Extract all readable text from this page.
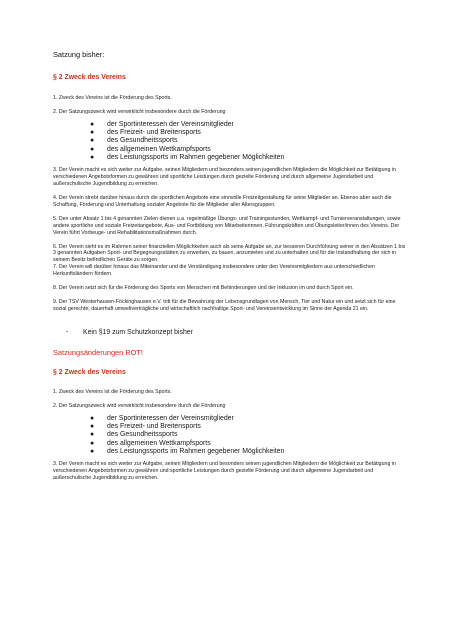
Satzung bisher:

§ 2 Zweck des Vereins

1. Zweck des Vereins ist die Förderung des Sports.

2. Der Satzungszweck wird verwirklicht insbesondere durch die Förderung

● der Sportinteressen der Vereinsmitglieder
● des Freizeit- und Breitensports
● des Gesundheitssports
● des allgemeinen Wettkampfsports
● des Leistungssports im Rahmen gegebener Möglichkeiten

3. Der Verein macht es sich weiter zur Aufgabe, seinen Mitgliedern und besonders seinen jugendlichen Mitgliedern die Möglichkeit zur Betätigung in verschiedenen Angebotsformen zu gewähren und sportliche Leistungen durch gezielte Förderung und durch allgemeine Jugendarbeit und außerschulische Jugendbildung zu erreichen.

4. Der Verein strebt darüber hinaus durch die sportlichen Angebote eine sinnvolle Freizeitgestaltung für seine Mitglieder an. Ebenso aber auch die Schaffung, Förderung und Unterhaltung sozialer Angebote für die Mitglieder aller Altersgruppen.

5. Den unter Absatz 1 bis 4 genannten Zielen dienen u.a. regelmäßige Übungs- und Trainingsstunden, Wettkampf- und Turnierveranstaltungen, sowie andere sportliche und soziale Freizeitangebote, Aus- und Fortbildung von Mitarbeiterinnen, Führungskräften und Übungsleiter/innen des Vereins. Der Verein führt Vorbeuge- und Rehabilitationsmaßnahmen durch.

6. Der Verein sieht es im Rahmen seiner finanziellen Möglichkeiten auch als seine Aufgabe an, zur besseren Durchführung seiner in den Absätzen 1 bis 3 genannten Aufgaben Sport- und Begegnungsstätten zu erwerben, zu bauen, anzumieten und zu unterhalten und für die Instandhaltung der sich in seinem Besitz befindlichen Geräte zu sorgen.

7. Der Verein will darüber hinaus das Miteinander und die Verständigung insbesondere unter den Vereinsmitgliedern aus unterschiedlichen Herkunftsländern fördern.

8. Der Verein setzt sich für die Förderung des Sports von Menschen mit Behinderungen und der Inklusion im und durch Sport ein.

9. Der TSV Westerhausen-Föckinghausen e.V. tritt für die Bewahrung der Lebensgrundlagen von Mensch, Tier und Natur ein und setzt sich für eine sozial gerechte, dauerhaft umweltverträgliche und wirtschaftlich nachhaltige Sport- und Vereinsentwicklung im Sinne der Agenda 21 ein.

- Kein §19 zum Schutzkonzept bisher

Satzungsänderungen ROT!

§ 2 Zweck des Vereins

1. Zweck des Vereins ist die Förderung des Sports.

2. Der Satzungszweck wird verwirklicht insbesondere durch die Förderung

● der Sportinteressen der Vereinsmitglieder
● des Freizeit- und Breitensports
● des Gesundheitssports
● des allgemeinen Wettkampfsports
● des Leistungssports im Rahmen gegebener Möglichkeiten

3. Der Verein macht es sich weiter zur Aufgabe, seinen Mitgliedern und besonders seinen jugendlichen Mitgliedern die Möglichkeit zur Betätigung in verschiedenen Angebotsformen zu gewähren und sportliche Leistungen durch gezielte Förderung und durch allgemeine Jugendarbeit und außerschulische Jugendbildung zu erreichen.
